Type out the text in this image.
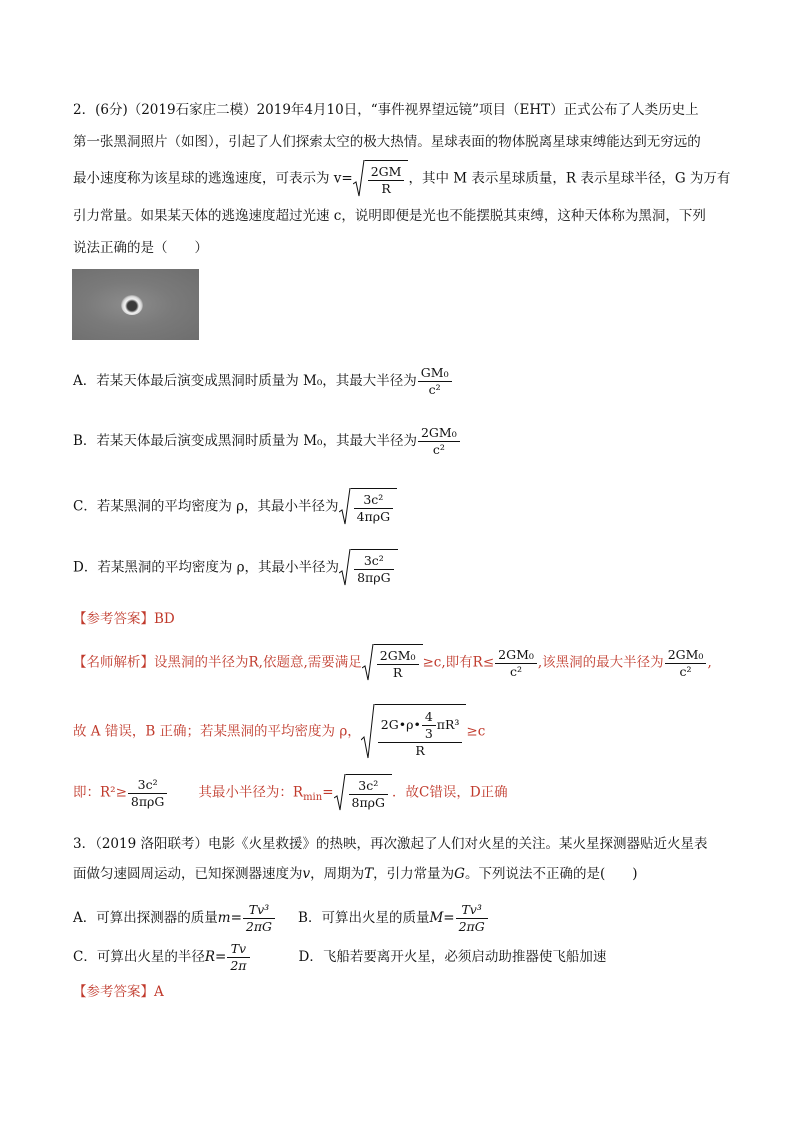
2．(6分)（2019石家庄二模）2019年4月10日，“事件视界望远镜”项目（EHT）正式公布了人类历史上
第一张黑洞照片（如图），引起了人们探索太空的极大热情。星球表面的物体脱离星球束缚能达到无穷远的
最小速度称为该星球的逃逸速度，可表示为 $v= \frac{2GM}{R}$ ，其中 M 表示星球质量，R 表示星球半径，G 为万有
引力常量。如果某天体的逃逸速度超过光速 c，说明即便是光也不能摆脱其束缚，这种天体称为黑洞，下列
说法正确的是（　　）
A．若某天体最后演变成黑洞时质量为 M₀，其最大半径为 $\frac{\text{GM₀}}{\text{c²}}$
B．若某天体最后演变成黑洞时质量为 M₀，其最大半径为 $\frac{\text{2GM₀}}{\text{c²}}$
C．若某黑洞的平均密度为 ρ，其最小半径为 $\frac{\text{3c²}}{\text{4πρG}}$
D．若某黑洞的平均密度为 ρ，其最小半径为 $\frac{\text{3c²}}{\text{8πρG}}$
【参考答案】BD
【名师解析】设黑洞的半径为R,依题意,需要满足 $\frac{\text{2GM₀}}{R} \ge c$,即有$R\le \frac{\text{2GM₀}}{\text{c²}}$ ,该黑洞的最大半径为 $\frac{\text{2GM₀}}{\text{c²}}$ ,
故 A 错误，B 正确；若某黑洞的平均密度为 ρ， $\frac{2G•\rho• \frac{4}{3} \pi R^3}{R} \ge c$
即：$R^2\ge \frac{\text{3c²}}{\text{8πρG}}$ 其最小半径为：$R_{min}= \frac{\text{3c²}}{\text{8πρG}}$ ．故C错误，D正确
3．（2019 洛阳联考）电影《火星救援》的热映，再次激起了人们对火星的关注。某火星探测器贴近火星表
面做匀速圆周运动，已知探测器速度为v，周期为T，引力常量为G。下列说法不正确的是(　　)
A．可算出探测器的质量$m= \frac{\text{Tv³}}{2\pi G}$ B．可算出火星的质量$M= \frac{\text{Tv³}}{2\pi G}$
C．可算出火星的半径$R= \frac{Tv}{2\pi}$	D．飞船若要离开火星，必须启动助推器使飞船加速
【参考答案】A
